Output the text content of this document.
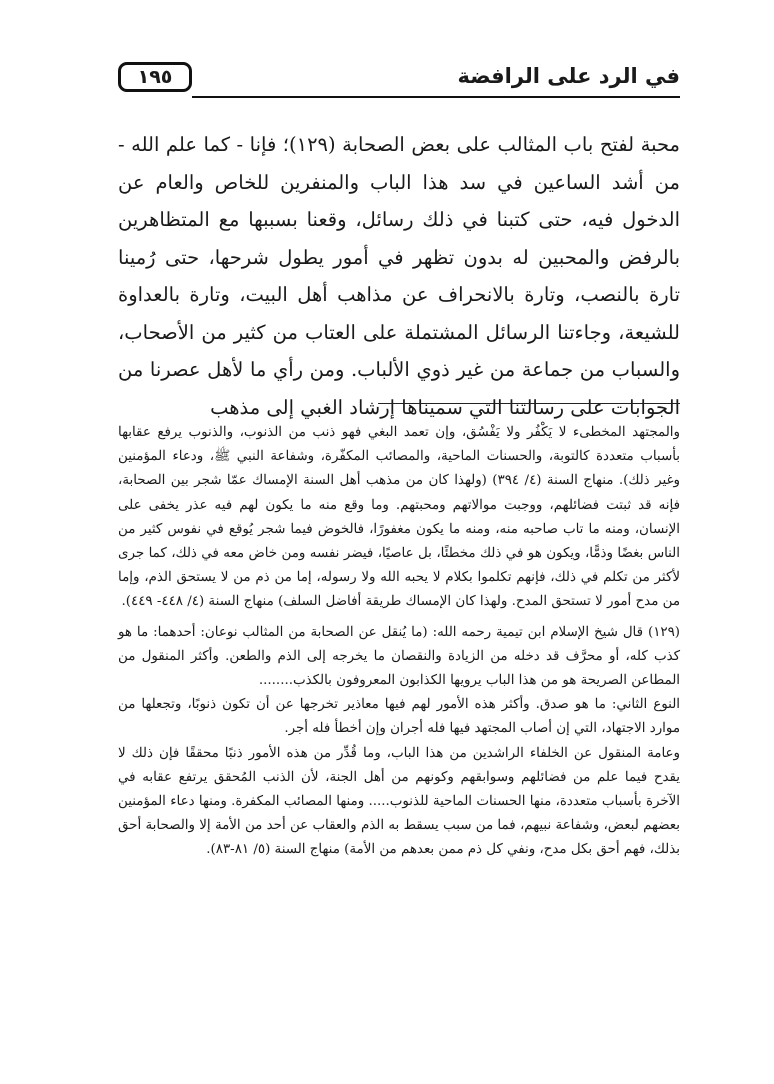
في الرد على الرافضة
١٩٥

محبة لفتح باب المثالب على بعض الصحابة (١٢٩)؛ فإنا - كما علم الله - من أشد الساعين في سد هذا الباب والمنفرين للخاص والعام عن الدخول فيه، حتى كتبنا في ذلك رسائل، وقعنا بسببها مع المتظاهرين بالرفض والمحبين له بدون تظهر في أمور يطول شرحها، حتى رُمينا تارة بالنصب، وتارة بالانحراف عن مذاهب أهل البيت، وتارة بالعداوة للشيعة، وجاءتنا الرسائل المشتملة على العتاب من كثير من الأصحاب، والسباب من جماعة من غير ذوي الألباب. ومن رأي ما لأهل عصرنا من الجوابات على رسالتنا التي سميناها إرشاد الغبي إلى مذهب

والمجتهد المخطىء لا يَكْفُر ولا يَفْسُق، وإن تعمد البغي فهو ذنب من الذنوب، والذنوب يرفع عقابها بأسباب متعددة كالتوبة، والحسنات الماحية، والمصائب المكفّرة، وشفاعة النبي ﷺ، ودعاء المؤمنين وغير ذلك). منهاج السنة (٤/ ٣٩٤) (ولهذا كان من مذهب أهل السنة الإمساك عمّا شجر بين الصحابة، فإنه قد ثبتت فضائلهم، ووجبت موالاتهم ومحبتهم. وما وقع منه ما يكون لهم فيه عذر يخفى على الإنسان، ومنه ما تاب صاحبه منه، ومنه ما يكون مغفورًا، فالخوض فيما شجر يُوقع في نفوس كثير من الناس بغضًا وذمًّا، ويكون هو في ذلك مخطئًا، بل عاصيًا، فيضر نفسه ومن خاض معه في ذلك، كما جرى لأكثر من تكلم في ذلك، فإنهم تكلموا بكلام لا يحبه الله ولا رسوله، إما من ذم من لا يستحق الذم، وإما من مدح أمور لا تستحق المدح. ولهذا كان الإمساك طريقة أفاضل السلف) منهاج السنة (٤/ ٤٤٨- ٤٤٩).

(١٢٩) قال شيخ الإسلام ابن تيمية رحمه الله: (ما يُنقل عن الصحابة من المثالب نوعان: أحدهما: ما هو كذب كله، أو محرَّف قد دخله من الزيادة والنقصان ما يخرجه إلى الذم والطعن. وأكثر المنقول من المطاعن الصريحة هو من هذا الباب يرويها الكذابون المعروفون بالكذب........

النوع الثاني: ما هو صدق. وأكثر هذه الأمور لهم فيها معاذير تخرجها عن أن تكون ذنوبًا، وتجعلها من موارد الاجتهاد، التي إن أصاب المجتهد فيها فله أجران وإن أخطأ فله أجر.

وعامة المنقول عن الخلفاء الراشدين من هذا الباب، وما قُدِّر من هذه الأمور ذنبًا محققًا فإن ذلك لا يقدح فيما علم من فضائلهم وسوابقهم وكونهم من أهل الجنة، لأن الذنب المُحقق يرتفع عقابه في الآخرة بأسباب متعددة، منها الحسنات الماحية للذنوب..... ومنها المصائب المكفرة. ومنها دعاء المؤمنين بعضهم لبعض، وشفاعة نبيهم، فما من سبب يسقط به الذم والعقاب عن أحد من الأمة إلا والصحابة أحق بذلك، فهم أحق بكل مدح، ونفي كل ذم ممن بعدهم من الأمة) منهاج السنة (٥/ ٨١-٨٣).
